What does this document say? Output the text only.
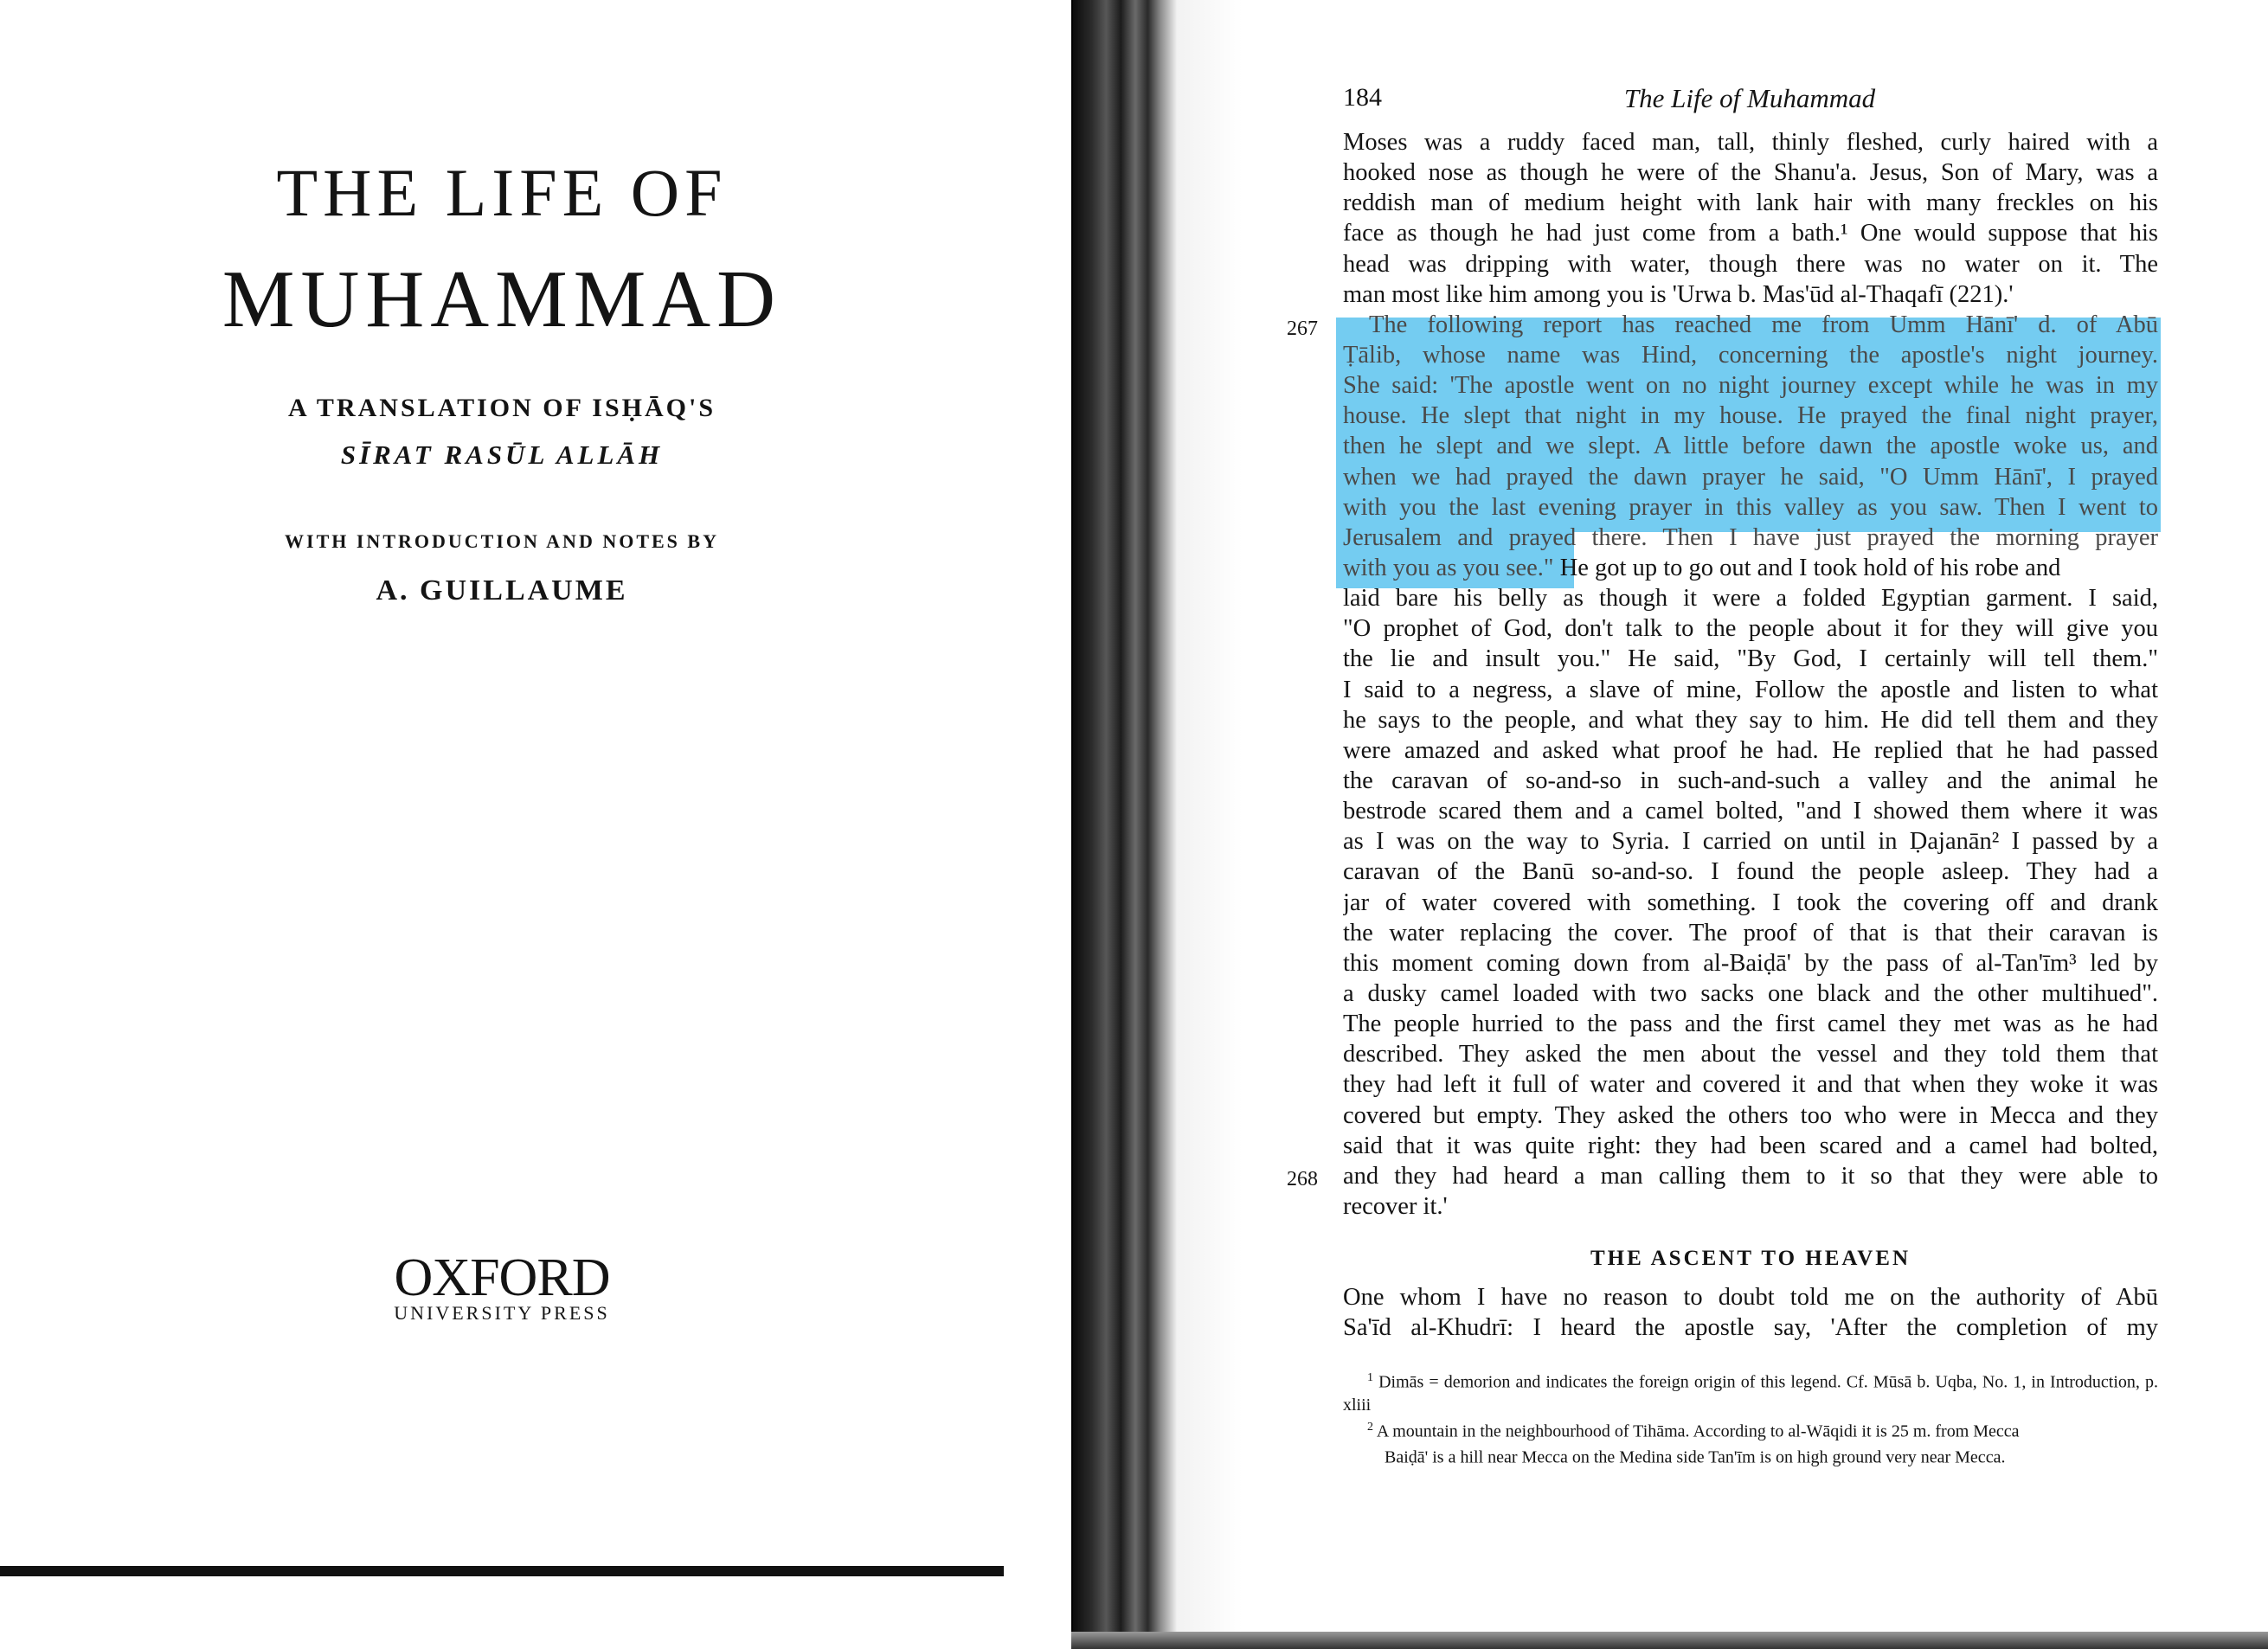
THE LIFE OF
MUHAMMAD
A TRANSLATION OF ISḤĀQ'S
SĪRAT RASŪL ALLĀH
WITH INTRODUCTION AND NOTES BY
A. GUILLAUME
OXFORD
UNIVERSITY PRESS
184	The Life of Muhammad
267
268
Moses was a ruddy faced man, tall, thinly fleshed, curly haired with a
hooked nose as though he were of the Shanu'a. Jesus, Son of Mary, was a
reddish man of medium height with lank hair with many freckles on his
face as though he had just come from a bath.¹ One would suppose that his
head was dripping with water, though there was no water on it. The
man most like him among you is 'Urwa b. Mas'ūd al-Thaqafī (221).'
The following report has reached me from Umm Hānī' d. of Abū
Ṭālib, whose name was Hind, concerning the apostle's night journey.
She said: 'The apostle went on no night journey except while he was in my
house. He slept that night in my house. He prayed the final night prayer,
then he slept and we slept. A little before dawn the apostle woke us, and
when we had prayed the dawn prayer he said, "O Umm Hānī', I prayed
with you the last evening prayer in this valley as you saw. Then I went to
Jerusalem and prayed there. Then I have just prayed the morning prayer
with you as you see." He got up to go out and I took hold of his robe and
laid bare his belly as though it were a folded Egyptian garment. I said,
"O prophet of God, don't talk to the people about it for they will give you
the lie and insult you." He said, "By God, I certainly will tell them."
I said to a negress, a slave of mine, Follow the apostle and listen to what
he says to the people, and what they say to him. He did tell them and they
were amazed and asked what proof he had. He replied that he had passed
the caravan of so-and-so in such-and-such a valley and the animal he
bestrode scared them and a camel bolted, "and I showed them where it was
as I was on the way to Syria. I carried on until in Ḍajanān² I passed by a
caravan of the Banū so-and-so. I found the people asleep. They had a
jar of water covered with something. I took the covering off and drank
the water replacing the cover. The proof of that is that their caravan is
this moment coming down from al-Baiḍā' by the pass of al-Tan'īm³ led by
a dusky camel loaded with two sacks one black and the other multihued".
The people hurried to the pass and the first camel they met was as he had
described. They asked the men about the vessel and they told them that
they had left it full of water and covered it and that when they woke it was
covered but empty. They asked the others too who were in Mecca and they
said that it was quite right: they had been scared and a camel had bolted,
and they had heard a man calling them to it so that they were able to
recover it.'
THE ASCENT TO HEAVEN
One whom I have no reason to doubt told me on the authority of Abū
Sa'īd al-Khudrī: I heard the apostle say, 'After the completion of my
$^1$ Dimās = demorion and indicates the foreign origin of this legend. Cf. Mūsā b. Uqba, No. 1, in Introduction, p. xliii
$^2$ A mountain in the neighbourhood of Tihāma. According to al-Wāqidi it is 25 m. from Mecca
Baiḍā' is a hill near Mecca on the Medina side Tan'īm is on high ground very near Mecca.
